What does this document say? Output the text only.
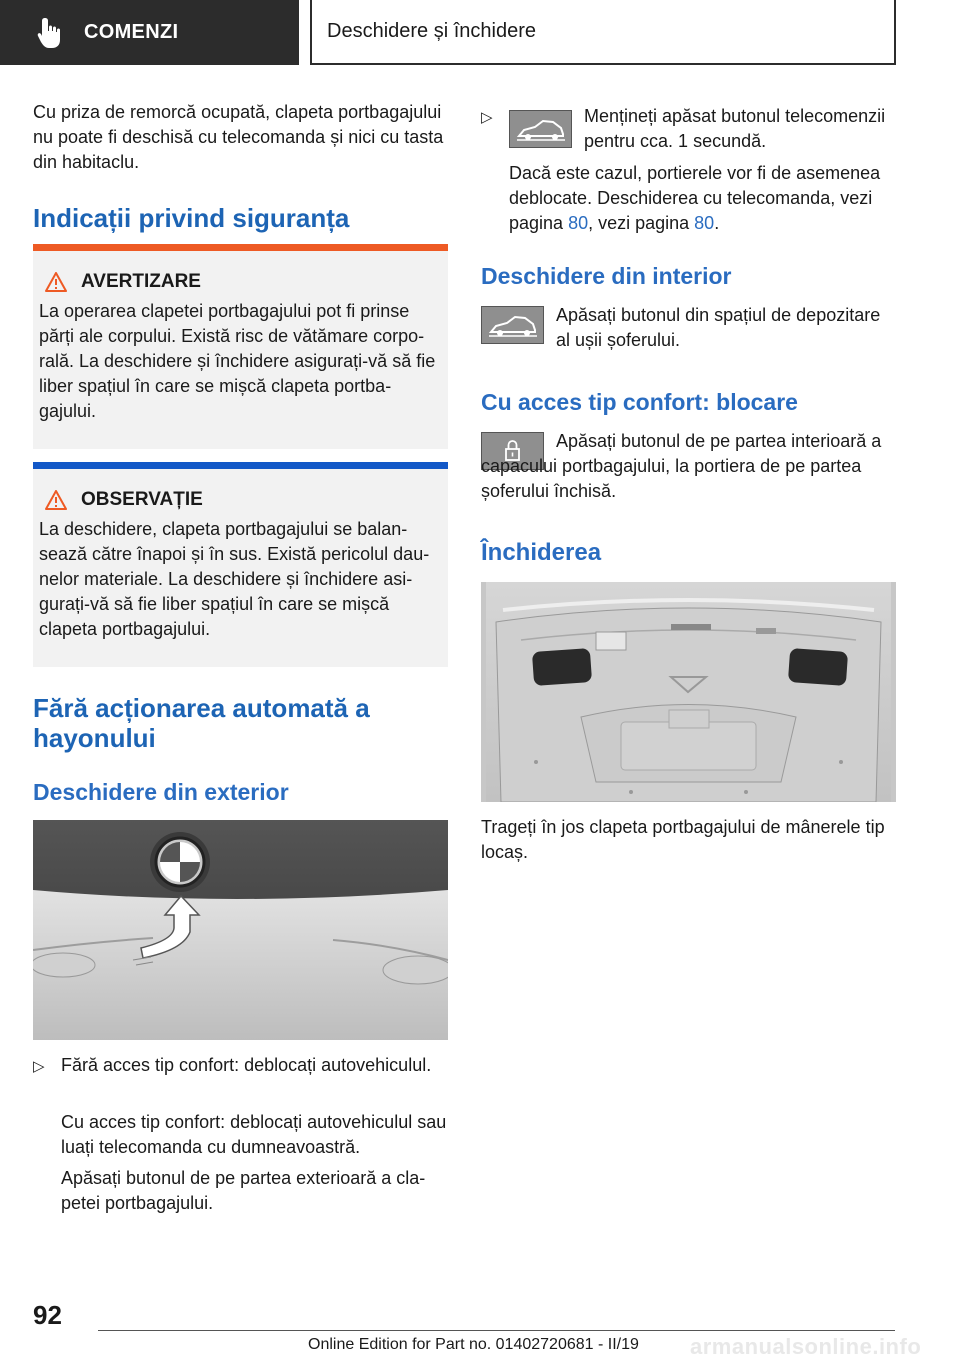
COMENZI	Deschidere și închidere
Cu priza de remorcă ocupată, clapeta portbagajului nu poate fi deschisă cu telecomanda și nici cu tasta din habitaclu.
Indicații privind siguranța
AVERTIZARE
La operarea clapetei portbagajului pot fi prinse părți ale corpului. Există risc de vătămare corporală. La deschidere și închidere asigurați-vă să fie liber spațiul în care se mișcă clapeta portbagajului.
OBSERVAȚIE
La deschidere, clapeta portbagajului se balansează către înapoi și în sus. Există pericolul daunelor materiale. La deschidere și închidere asigurați-vă să fie liber spațiul în care se mișcă clapeta portbagajului.
Fără acționarea automată a hayonului
Deschidere din exterior
▷ Fără acces tip confort: deblocați autovehiculul.
Cu acces tip confort: deblocați autovehiculul sau luați telecomanda cu dumneavoastră.
Apăsați butonul de pe partea exterioară a clapetei portbagajului.
▷	Mențineți apăsat butonul telecomenzii pentru cca. 1 secundă.
Dacă este cazul, portierele vor fi de asemenea deblocate. Deschiderea cu telecomanda, vezi pagina 80, vezi pagina 80.
Deschidere din interior
Apăsați butonul din spațiul de depozitare al ușii șoferului.
Cu acces tip confort: blocare
Apăsați butonul de pe partea interioară a capacului portbagajului, la portiera de pe partea șoferului închisă.
Închiderea
Trageți în jos clapeta portbagajului de mânerele tip locaș.
92
Online Edition for Part no. 01402720681 - II/19 armanualsonline.info
